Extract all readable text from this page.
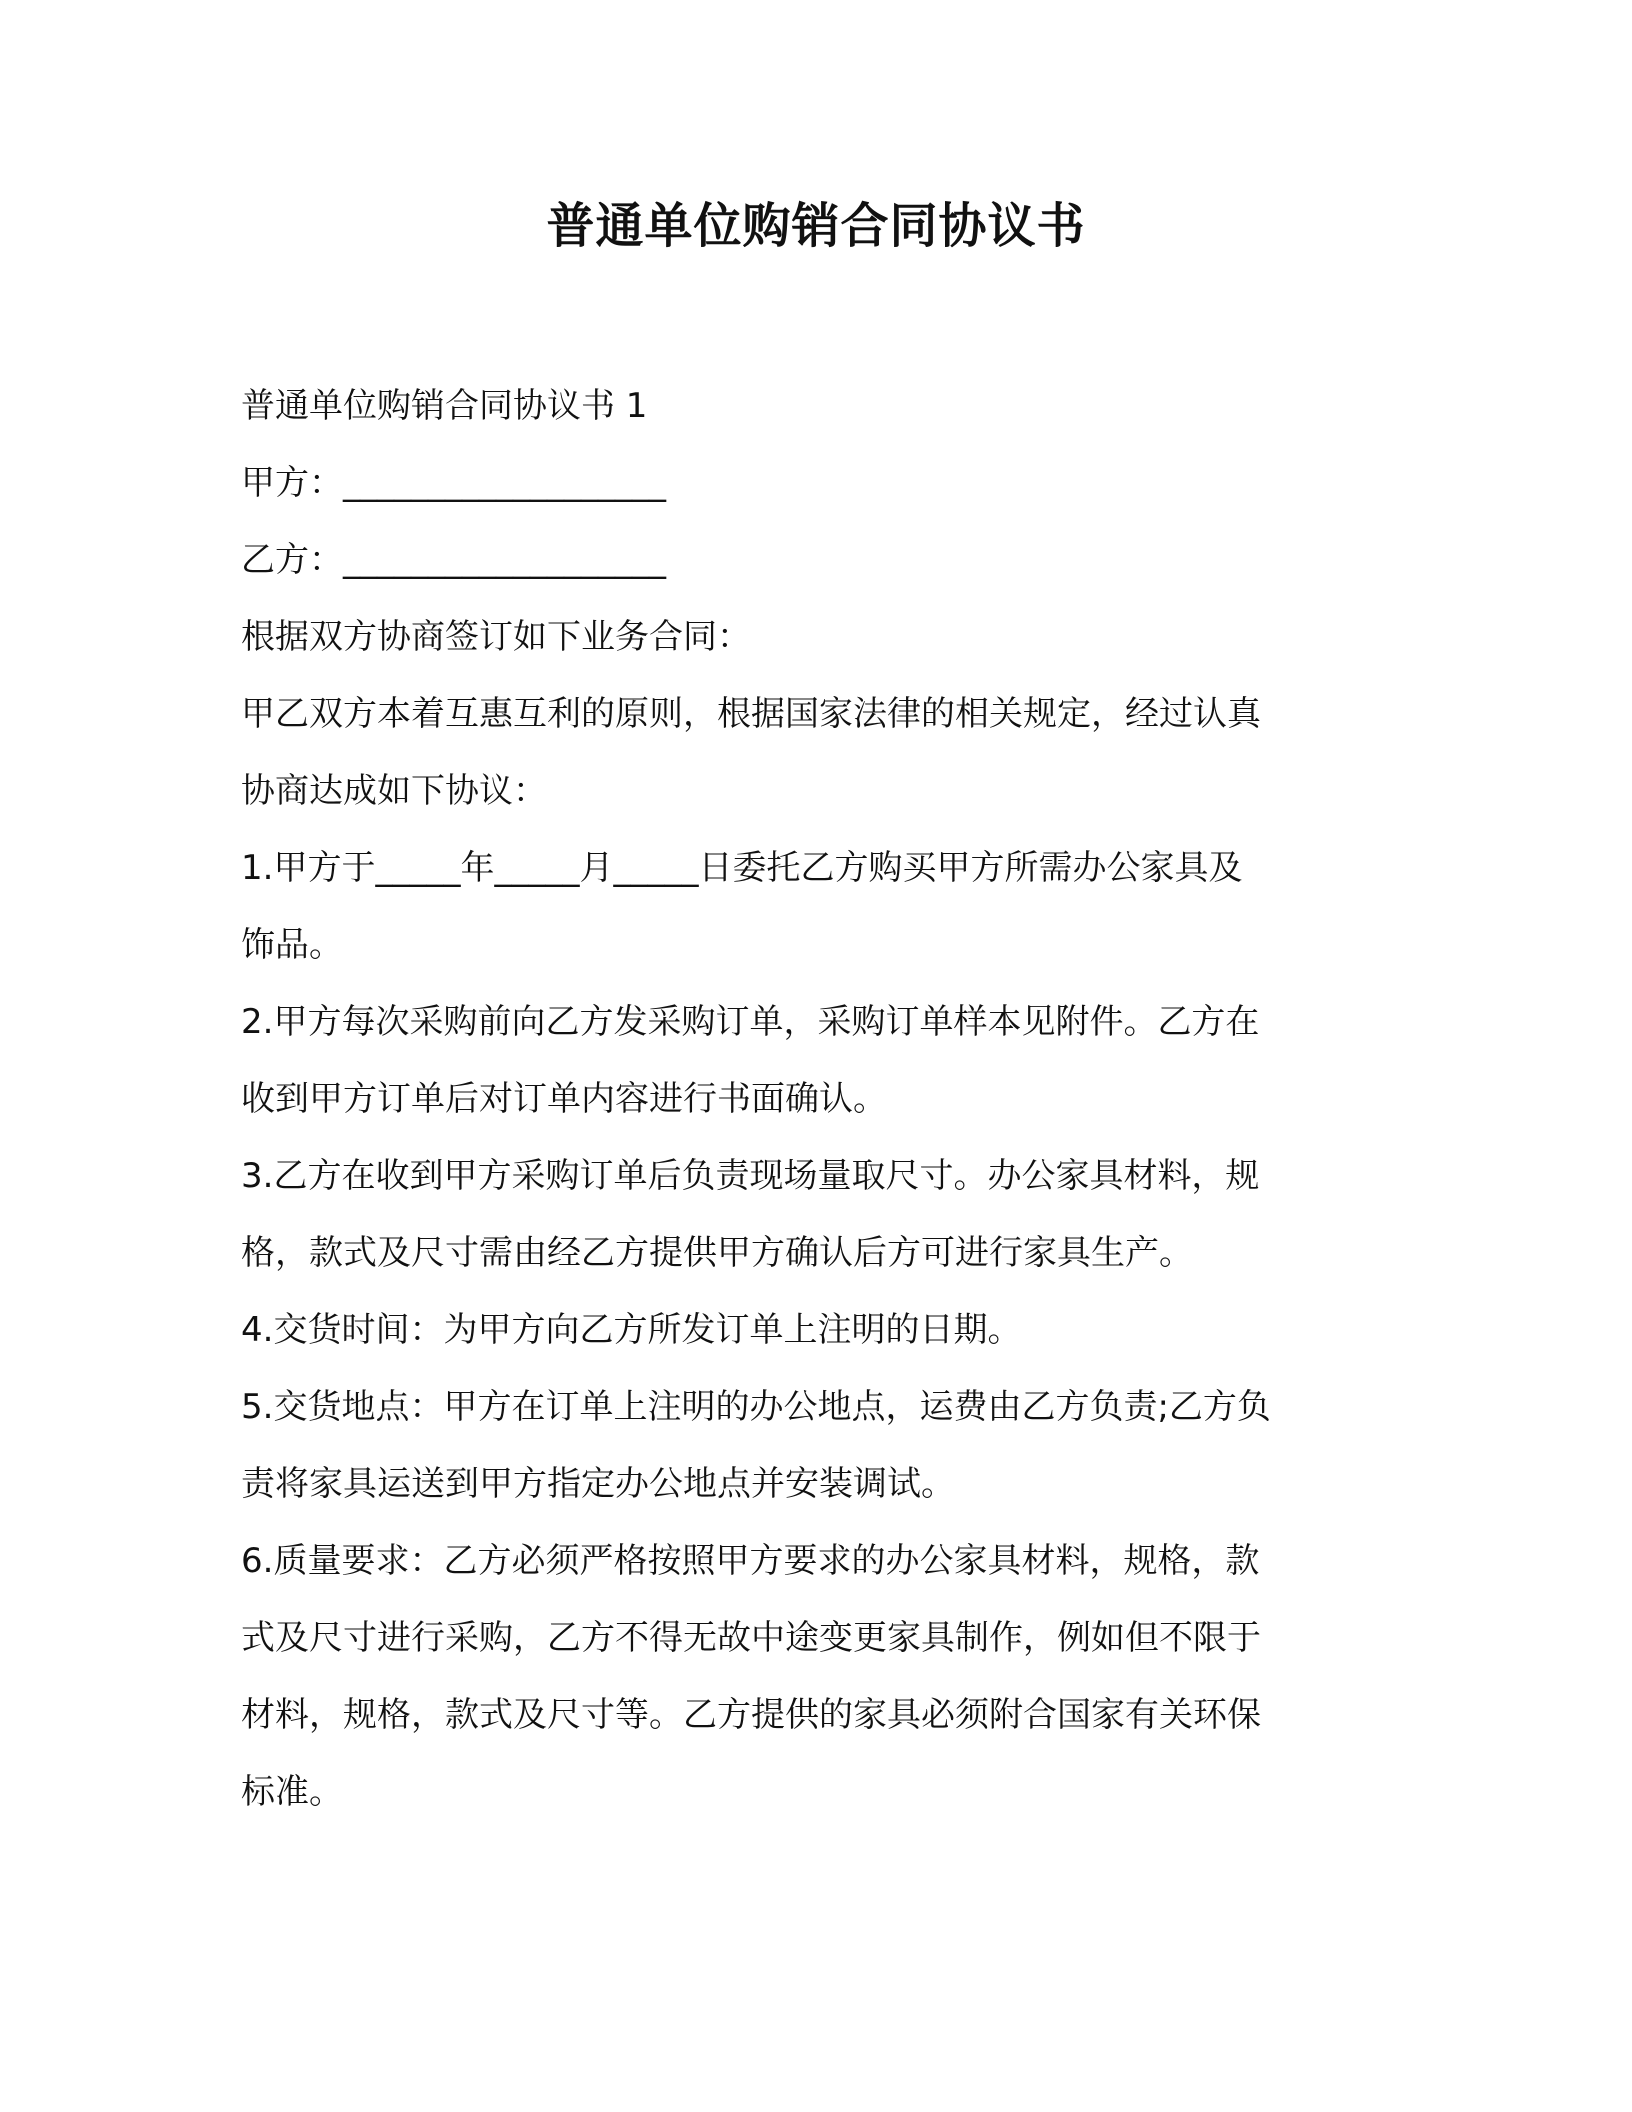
普通单位购销合同协议书
普通单位购销合同协议书 1
甲方：___________________
乙方：___________________
根据双方协商签订如下业务合同：
甲乙双方本着互惠互利的原则，根据国家法律的相关规定，经过认真
协商达成如下协议：
1.甲方于_____年_____月_____日委托乙方购买甲方所需办公家具及
饰品。
2.甲方每次采购前向乙方发采购订单，采购订单样本见附件。乙方在
收到甲方订单后对订单内容进行书面确认。
3.乙方在收到甲方采购订单后负责现场量取尺寸。办公家具材料，规
格，款式及尺寸需由经乙方提供甲方确认后方可进行家具生产。
4.交货时间：为甲方向乙方所发订单上注明的日期。
5.交货地点：甲方在订单上注明的办公地点，运费由乙方负责;乙方负
责将家具运送到甲方指定办公地点并安装调试。
6.质量要求：乙方必须严格按照甲方要求的办公家具材料，规格，款
式及尺寸进行采购，乙方不得无故中途变更家具制作，例如但不限于
材料，规格，款式及尺寸等。乙方提供的家具必须附合国家有关环保
标准。
